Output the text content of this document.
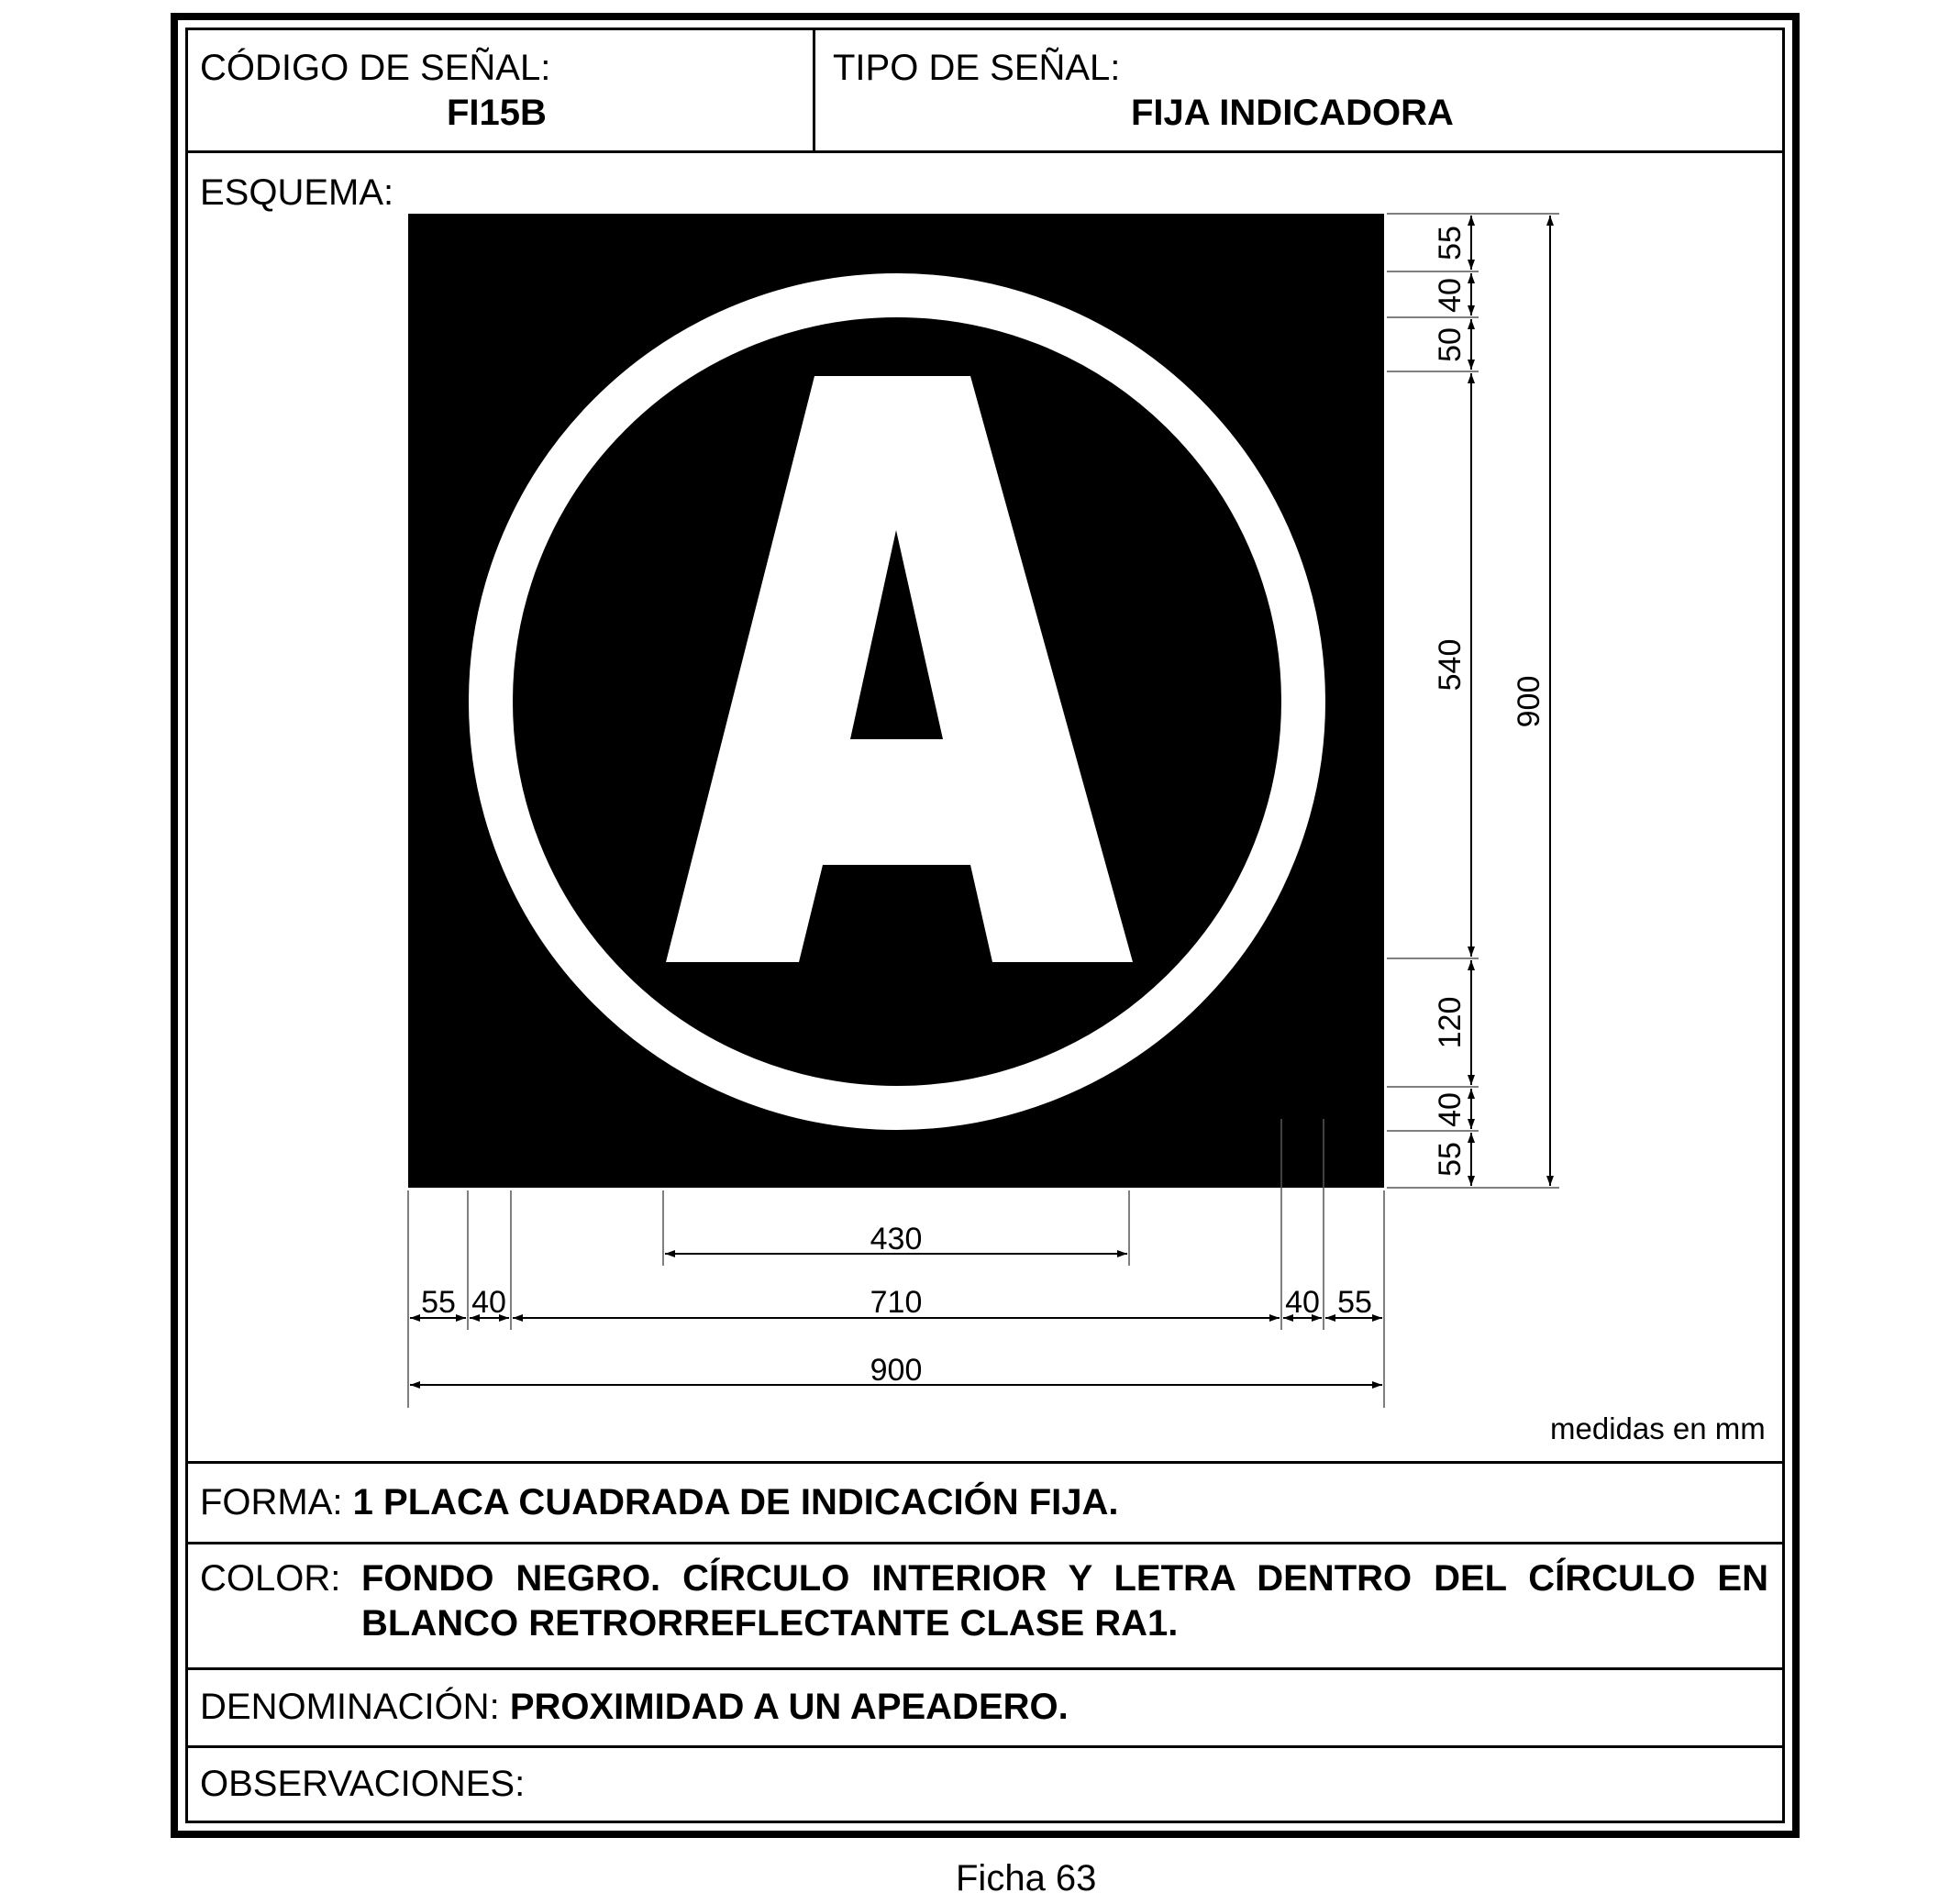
CÓDIGO DE SEÑAL:
FI15B
TIPO DE SEÑAL:
FIJA INDICADORA
ESQUEMA:
55
40
50
540
120
40
55
900
430
55 40	710	40 55
900
medidas en mm
FORMA: 1 PLACA CUADRADA DE INDICACIÓN FIJA.
COLOR: FONDO NEGRO. CÍRCULO INTERIOR Y LETRA DENTRO DEL CÍRCULO EN BLANCO RETRORREFLECTANTE CLASE RA1.
DENOMINACIÓN: PROXIMIDAD A UN APEADERO.
OBSERVACIONES:
Ficha 63
